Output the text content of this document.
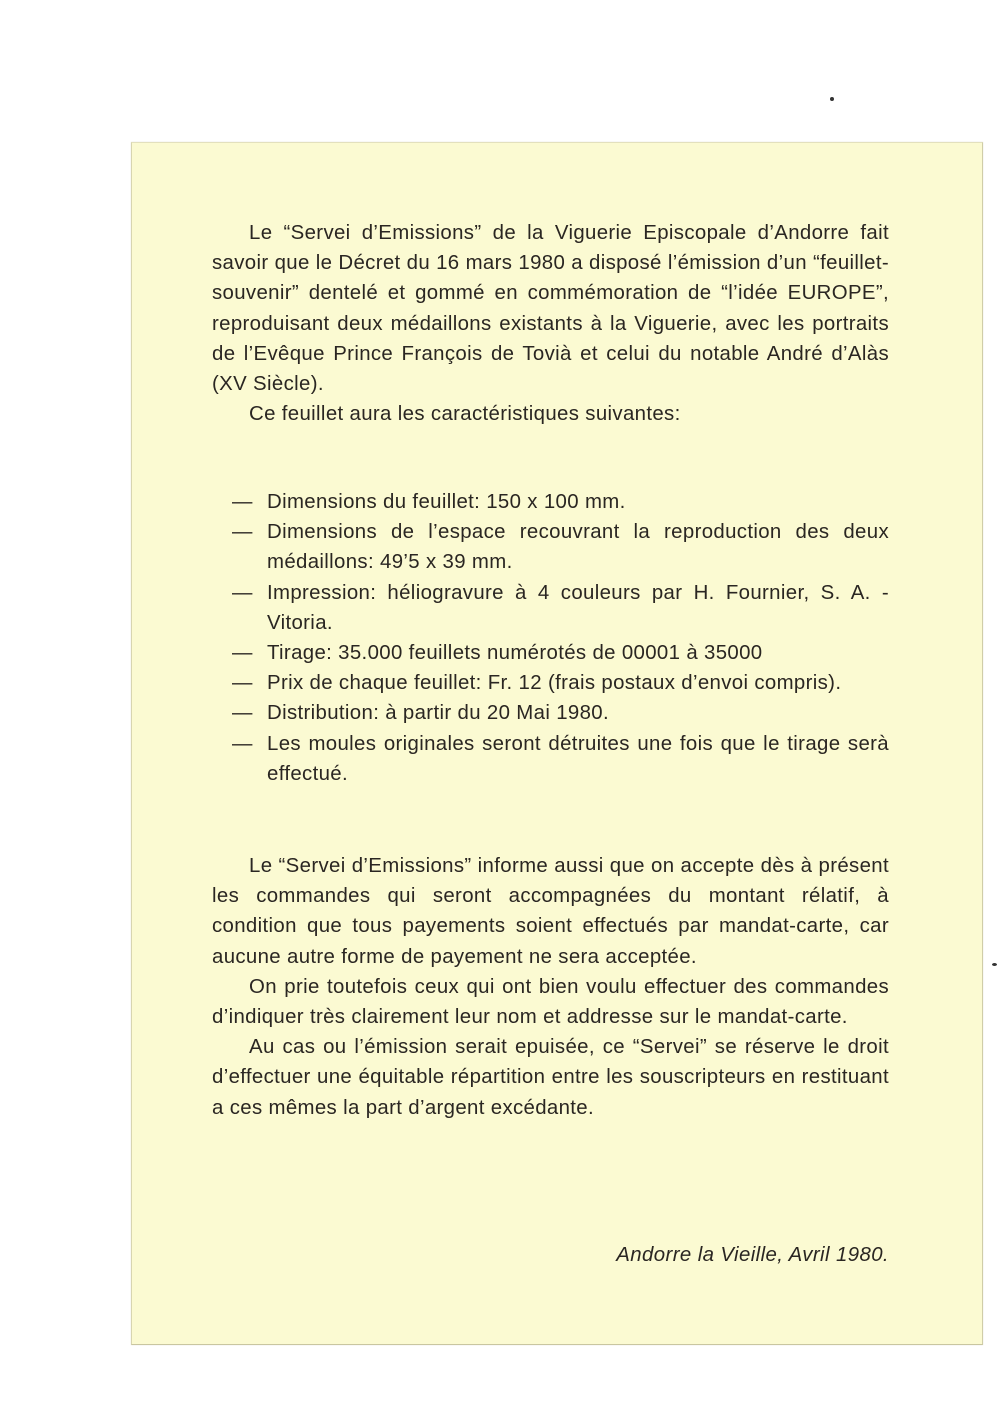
Le “Servei d’Emissions” de la Viguerie Episcopale d’Andorre fait savoir que le Décret du 16 mars 1980 a disposé l’émission d’un “feuillet-souvenir” dentelé et gommé en commémoration de “l’idée EUROPE”, reproduisant deux médaillons existants à la Viguerie, avec les portraits de l’Evêque Prince François de Tovià et celui du notable André d’Alàs (XV Siècle).

Ce feuillet aura les caractéristiques suivantes:

— Dimensions du feuillet: 150 x 100 mm.
— Dimensions de l’espace recouvrant la reproduction des deux médaillons: 49’5 x 39 mm.
— Impression: héliogravure à 4 couleurs par H. Fournier, S. A. - Vitoria.
— Tirage: 35.000 feuillets numérotés de 00001 à 35000
— Prix de chaque feuillet: Fr. 12 (frais postaux d’envoi compris).
— Distribution: à partir du 20 Mai 1980.
— Les moules originales seront détruites une fois que le tirage serà effectué.

Le “Servei d’Emissions” informe aussi que on accepte dès à présent les commandes qui seront accompagnées du montant rélatif, à condition que tous payements soient effectués par mandat-carte, car aucune autre forme de payement ne sera acceptée.

On prie toutefois ceux qui ont bien voulu effectuer des commandes d’indiquer très clairement leur nom et addresse sur le mandat-carte.

Au cas ou l’émission serait epuisée, ce “Servei” se réserve le droit d’effectuer une équitable répartition entre les souscripteurs en restituant a ces mêmes la part d’argent excédante.

Andorre la Vieille, Avril 1980.
